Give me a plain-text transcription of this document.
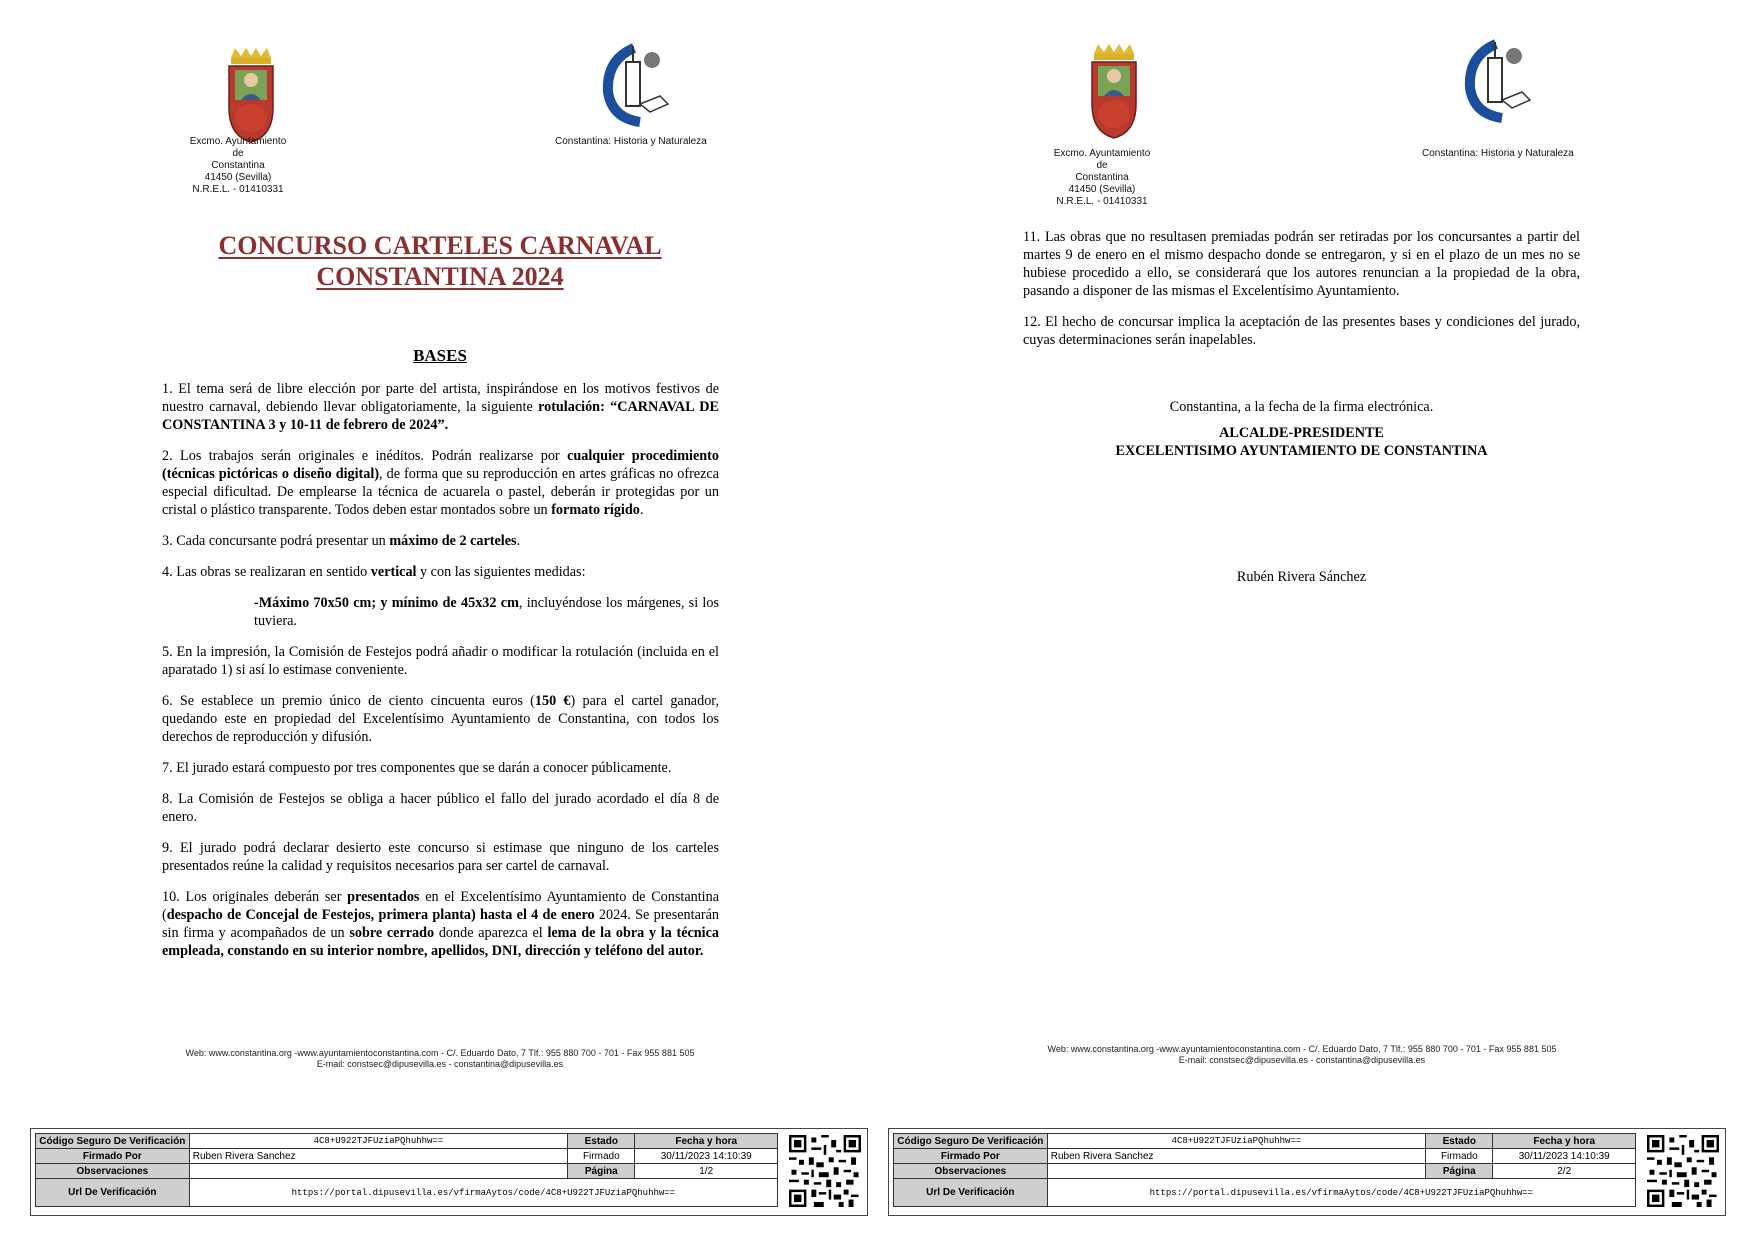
Excmo. Ayuntamiento
de
Constantina
41450 (Sevilla)
N.R.E.L. - 01410331
Constantina: Historia y Naturaleza
CONCURSO CARTELES CARNAVAL
CONSTANTINA 2024
BASES

1. El tema será de libre elección por parte del artista, inspirándose en los motivos festivos de nuestro carnaval, debiendo llevar obligatoriamente, la siguiente rotulación: “CARNAVAL DE CONSTANTINA 3 y 10-11 de febrero de 2024”.

2. Los trabajos serán originales e inéditos. Podrán realizarse por cualquier procedimiento (técnicas pictóricas o diseño digital), de forma que su reproducción en artes gráficas no ofrezca especial dificultad. De emplearse la técnica de acuarela o pastel, deberán ir protegidas por un cristal o plástico transparente. Todos deben estar montados sobre un formato rígido.

3. Cada concursante podrá presentar un máximo de 2 carteles.

4. Las obras se realizaran en sentido vertical y con las siguientes medidas:

-Máximo 70x50 cm; y mínimo de 45x32 cm, incluyéndose los márgenes, si los tuviera.

5. En la impresión, la Comisión de Festejos podrá añadir o modificar la rotulación (incluida en el aparatado 1) si así lo estimase conveniente.

6. Se establece un premio único de ciento cincuenta euros (150 €) para el cartel ganador, quedando este en propiedad del Excelentísimo Ayuntamiento de Constantina, con todos los derechos de reproducción y difusión.

7. El jurado estará compuesto por tres componentes que se darán a conocer públicamente.

8. La Comisión de Festejos se obliga a hacer público el fallo del jurado acordado el día 8 de enero.

9. El jurado podrá declarar desierto este concurso si estimase que ninguno de los carteles presentados reúne la calidad y requisitos necesarios para ser cartel de carnaval.

10. Los originales deberán ser presentados en el Excelentísimo Ayuntamiento de Constantina (despacho de Concejal de Festejos, primera planta) hasta el 4 de enero 2024. Se presentarán sin firma y acompañados de un sobre cerrado donde aparezca el lema de la obra y la técnica empleada, constando en su interior nombre, apellidos, DNI, dirección y teléfono del autor.

Web: www.constantina.org -www.ayuntamientoconstantina.com - C/. Eduardo Dato, 7 Tlf.: 955 880 700 - 701 - Fax 955 881 505
E-mail: constsec@dipusevilla.es - constantina@dipusevilla.es
Código Seguro De Verificación	4C8+U922TJFUziaPQhuhhw==	Estado	Fecha y hora
Firmado Por	Ruben Rivera Sanchez	Firmado	30/11/2023 14:10:39
Observaciones		Página	1/2
Url De Verificación	https://portal.dipusevilla.es/vfirmaAytos/code/4C8+U922TJFUziaPQhuhhw==		
Excmo. Ayuntamiento
de
Constantina
41450 (Sevilla)
N.R.E.L. - 01410331
Constantina: Historia y Naturaleza

11. Las obras que no resultasen premiadas podrán ser retiradas por los concursantes a partir del martes 9 de enero en el mismo despacho donde se entregaron, y si en el plazo de un mes no se hubiese procedido a ello, se considerará que los autores renuncian a la propiedad de la obra, pasando a disponer de las mismas el Excelentísimo Ayuntamiento.

12. El hecho de concursar implica la aceptación de las presentes bases y condiciones del jurado, cuyas determinaciones serán inapelables.

Constantina, a la fecha de la firma electrónica.
ALCALDE-PRESIDENTE
EXCELENTISIMO AYUNTAMIENTO DE CONSTANTINA
Rubén Rivera Sánchez
Web: www.constantina.org -www.ayuntamientoconstantina.com - C/. Eduardo Dato, 7 Tlf.: 955 880 700 - 701 - Fax 955 881 505
E-mail: constsec@dipusevilla.es - constantina@dipusevilla.es
Código Seguro De Verificación	4C8+U922TJFUziaPQhuhhw==	Estado	Fecha y hora
Firmado Por	Ruben Rivera Sanchez	Firmado	30/11/2023 14:10:39
Observaciones		Página	2/2
Url De Verificación	https://portal.dipusevilla.es/vfirmaAytos/code/4C8+U922TJFUziaPQhuhhw==		
